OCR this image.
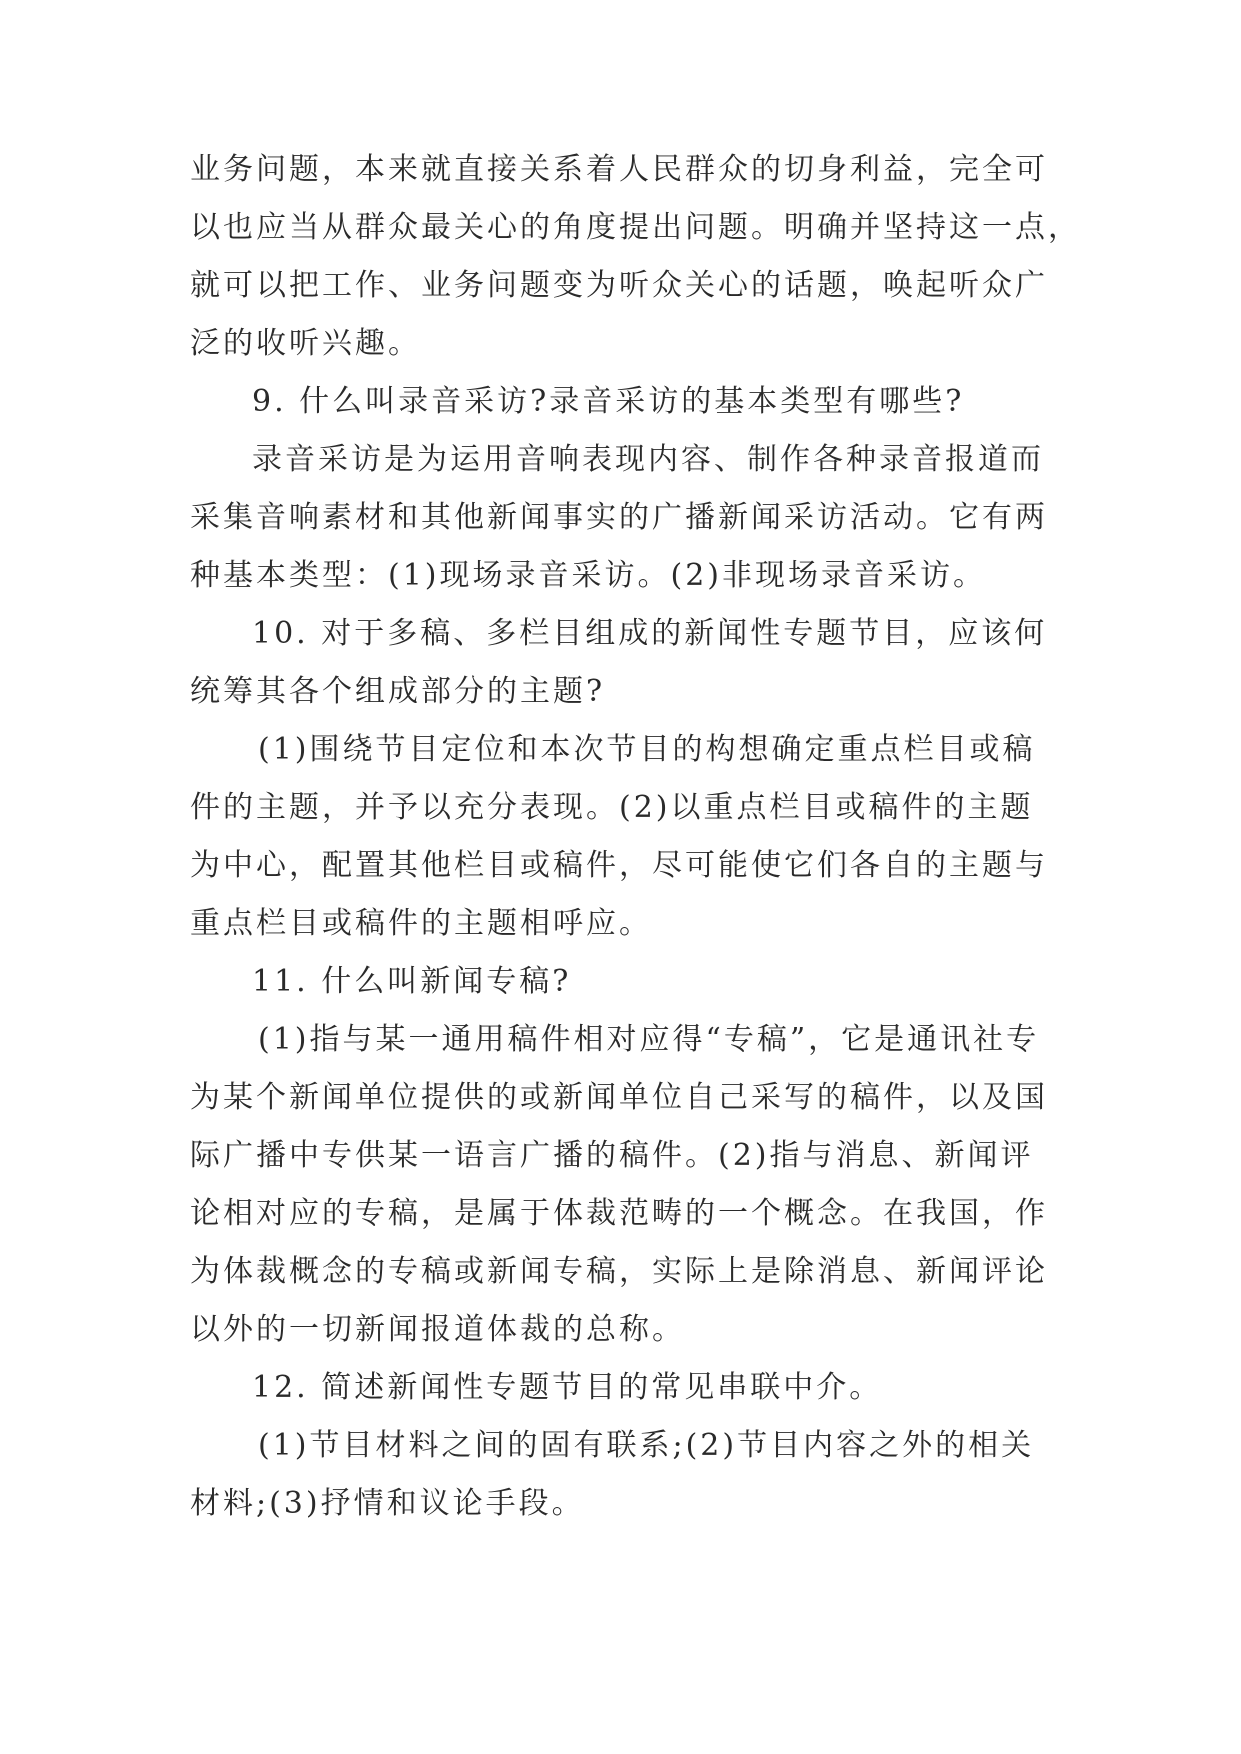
业务问题，本来就直接关系着人民群众的切身利益，完全可
以也应当从群众最关心的角度提出问题。明确并坚持这一点，
就可以把工作、业务问题变为听众关心的话题，唤起听众广
泛的收听兴趣。
9. 什么叫录音采访?录音采访的基本类型有哪些?
录音采访是为运用音响表现内容、制作各种录音报道而
采集音响素材和其他新闻事实的广播新闻采访活动。它有两
种基本类型：(1)现场录音采访。(2)非现场录音采访。
10. 对于多稿、多栏目组成的新闻性专题节目，应该何
统筹其各个组成部分的主题?
(1)围绕节目定位和本次节目的构想确定重点栏目或稿
件的主题，并予以充分表现。(2)以重点栏目或稿件的主题
为中心，配置其他栏目或稿件，尽可能使它们各自的主题与
重点栏目或稿件的主题相呼应。
11. 什么叫新闻专稿?
(1)指与某一通用稿件相对应得“专稿”，它是通讯社专
为某个新闻单位提供的或新闻单位自己采写的稿件，以及国
际广播中专供某一语言广播的稿件。(2)指与消息、新闻评
论相对应的专稿，是属于体裁范畴的一个概念。在我国，作
为体裁概念的专稿或新闻专稿，实际上是除消息、新闻评论
以外的一切新闻报道体裁的总称。
12. 简述新闻性专题节目的常见串联中介。
(1)节目材料之间的固有联系;(2)节目内容之外的相关
材料;(3)抒情和议论手段。
